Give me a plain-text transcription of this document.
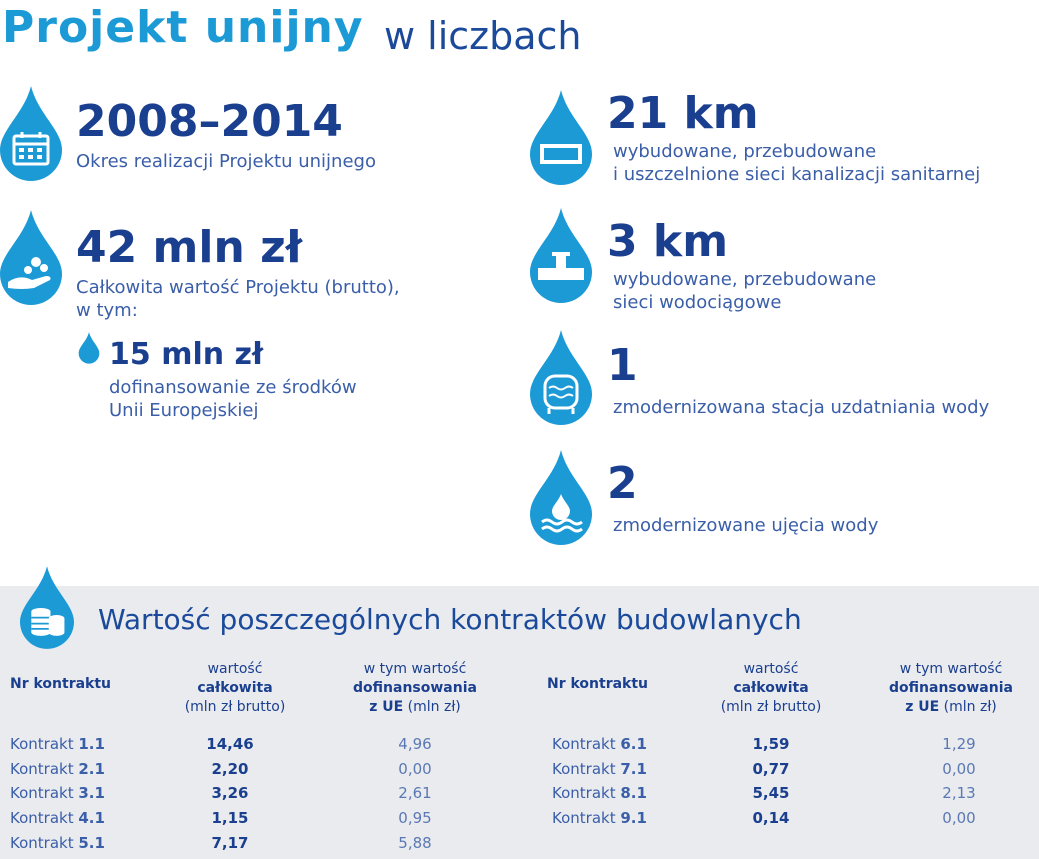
Projekt unijny w liczbach
2008–2014
Okres realizacji Projektu unijnego
42 mln zł
Całkowita wartość Projektu (brutto),
w tym:
15 mln zł
dofinansowanie ze środków
Unii Europejskiej
21 km
wybudowane, przebudowane
i uszczelnione sieci kanalizacji sanitarnej
3 km
wybudowane, przebudowane
sieci wodociągowe
1
zmodernizowana stacja uzdatniania wody
2
zmodernizowane ujęcia wody
Wartość poszczególnych kontraktów budowlanych
Nr kontraktu
wartość
całkowita
(mln zł brutto)
w tym wartość
dofinansowania
z UE (mln zł)
Nr kontraktu
wartość
całkowita
(mln zł brutto)
w tym wartość
dofinansowania
z UE (mln zł)
Kontrakt 1.1	14,46	4,96
Kontrakt 2.1	2,20	0,00
Kontrakt 3.1	3,26	2,61
Kontrakt 4.1	1,15	0,95
Kontrakt 5.1	7,17	5,88
Kontrakt 6.1	1,59	1,29
Kontrakt 7.1	0,77	0,00
Kontrakt 8.1	5,45	2,13
Kontrakt 9.1	0,14	0,00
